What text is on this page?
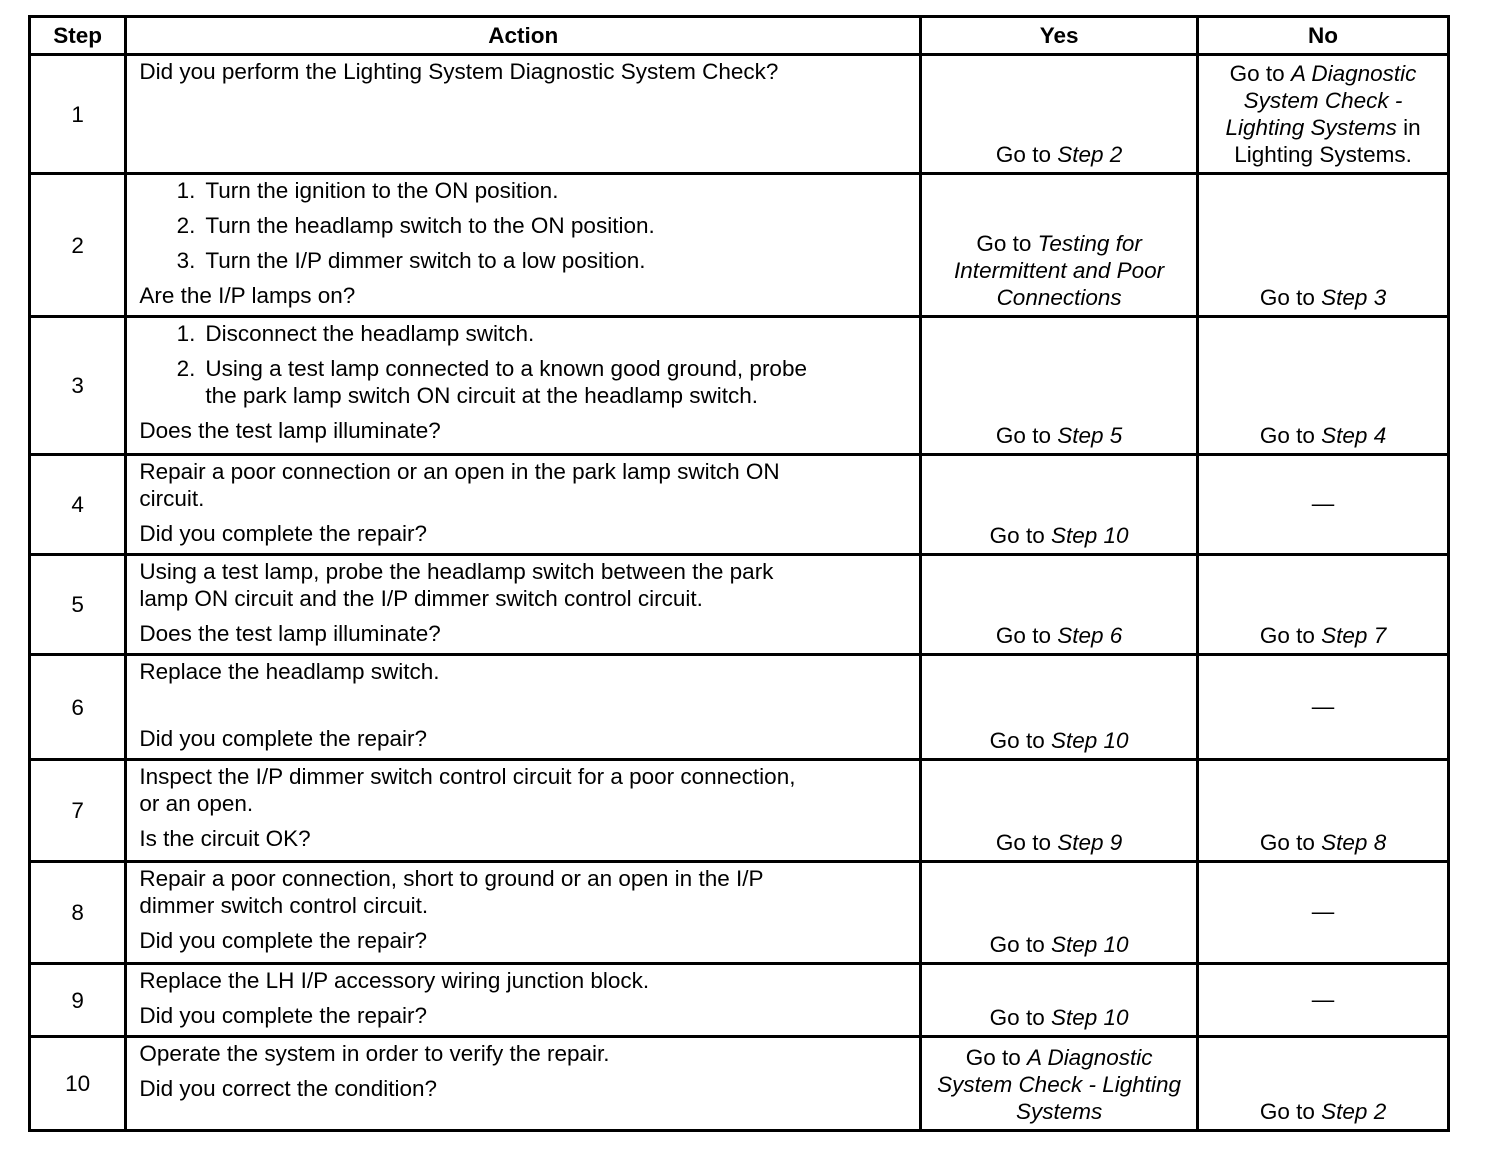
Step	Action	Yes	No
1	Did you perform the Lighting System Diagnostic System Check?	Go to Step 2	Go to A Diagnostic System Check - Lighting Systems in Lighting Systems.
2	1. Turn the ignition to the ON position.
2. Turn the headlamp switch to the ON position.
3. Turn the I/P dimmer switch to a low position.
Are the I/P lamps on?	Go to Testing for Intermittent and Poor Connections	Go to Step 3
3	1. Disconnect the headlamp switch.
2. Using a test lamp connected to a known good ground, probe
the park lamp switch ON circuit at the headlamp switch.
Does the test lamp illuminate?	Go to Step 5	Go to Step 4
4	Repair a poor connection or an open in the park lamp switch ON
circuit.
Did you complete the repair?	Go to Step 10	—
5	Using a test lamp, probe the headlamp switch between the park
lamp ON circuit and the I/P dimmer switch control circuit.
Does the test lamp illuminate?	Go to Step 6	Go to Step 7
6	Replace the headlamp switch.
Did you complete the repair?	Go to Step 10	—
7	Inspect the I/P dimmer switch control circuit for a poor connection,
or an open.
Is the circuit OK?	Go to Step 9	Go to Step 8
8	Repair a poor connection, short to ground or an open in the I/P
dimmer switch control circuit.
Did you complete the repair?	Go to Step 10	—
9	Replace the LH I/P accessory wiring junction block.
Did you complete the repair?	Go to Step 10	—
10	Operate the system in order to verify the repair.
Did you correct the condition?	Go to A Diagnostic System Check - Lighting Systems	Go to Step 2
